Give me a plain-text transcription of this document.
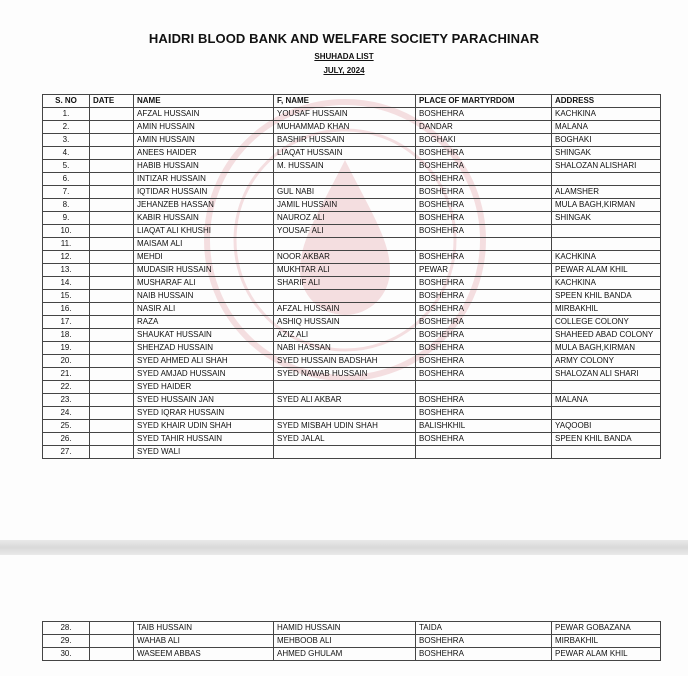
HAIDRI BLOOD BANK AND WELFARE SOCIETY PARACHINAR
SHUHADA LIST
JULY, 2024
S. NO	DATE	NAME	F, NAME	PLACE OF MARTYRDOM	ADDRESS
1.		AFZAL HUSSAIN	YOUSAF HUSSAIN	BOSHEHRA	KACHKINA
2.		AMIN HUSSAIN	MUHAMMAD KHAN	DANDAR	MALANA
3.		AMIN HUSSAIN	BASHIR HUSSAIN	BOGHAKI	BOGHAKI
4.		ANEES HAIDER	LIAQAT HUSSAIN	BOSHEHRA	SHINGAK
5.		HABIB HUSSAIN	M. HUSSAIN	BOSHEHRA	SHALOZAN ALISHARI
6.		INTIZAR HUSSAIN		BOSHEHRA	
7.		IQTIDAR HUSSAIN	GUL NABI	BOSHEHRA	ALAMSHER
8.		JEHANZEB HASSAN	JAMIL HUSSAIN	BOSHEHRA	MULA BAGH,KIRMAN
9.		KABIR HUSSAIN	NAUROZ ALI	BOSHEHRA	SHINGAK
10.		LIAQAT ALI KHUSHI	YOUSAF ALI	BOSHEHRA	
11.		MAISAM ALI			
12.		MEHDI	NOOR AKBAR	BOSHEHRA	KACHKINA
13.		MUDASIR HUSSAIN	MUKHTAR ALI	PEWAR	PEWAR ALAM KHIL
14.		MUSHARAF ALI	SHARIF ALI	BOSHEHRA	KACHKINA
15.		NAIB HUSSAIN		BOSHEHRA	SPEEN KHIL BANDA
16.		NASIR ALI	AFZAL HUSSAIN	BOSHEHRA	MIRBAKHIL
17.		RAZA	ASHIQ HUSSAIN	BOSHEHRA	COLLEGE COLONY
18.		SHAUKAT HUSSAIN	AZIZ ALI	BOSHEHRA	SHAHEED ABAD COLONY
19.		SHEHZAD HUSSAIN	NABI HASSAN	BOSHEHRA	MULA BAGH,KIRMAN
20.		SYED AHMED ALI SHAH	SYED HUSSAIN BADSHAH	BOSHEHRA	ARMY COLONY
21.		SYED AMJAD HUSSAIN	SYED NAWAB HUSSAIN	BOSHEHRA	SHALOZAN ALI SHARI
22.		SYED HAIDER			
23.		SYED HUSSAIN JAN	SYED ALI AKBAR	BOSHEHRA	MALANA
24.		SYED IQRAR HUSSAIN		BOSHEHRA	
25.		SYED KHAIR UDIN SHAH	SYED MISBAH UDIN SHAH	BALISHKHIL	YAQOOBI
26.		SYED TAHIR HUSSAIN	SYED JALAL	BOSHEHRA	SPEEN KHIL BANDA
27.		SYED WALI			
28.		TAIB HUSSAIN	HAMID HUSSAIN	TAIDA	PEWAR GOBAZANA
29.		WAHAB ALI	MEHBOOB ALI	BOSHEHRA	MIRBAKHIL
30.		WASEEM ABBAS	AHMED GHULAM	BOSHEHRA	PEWAR ALAM KHIL
